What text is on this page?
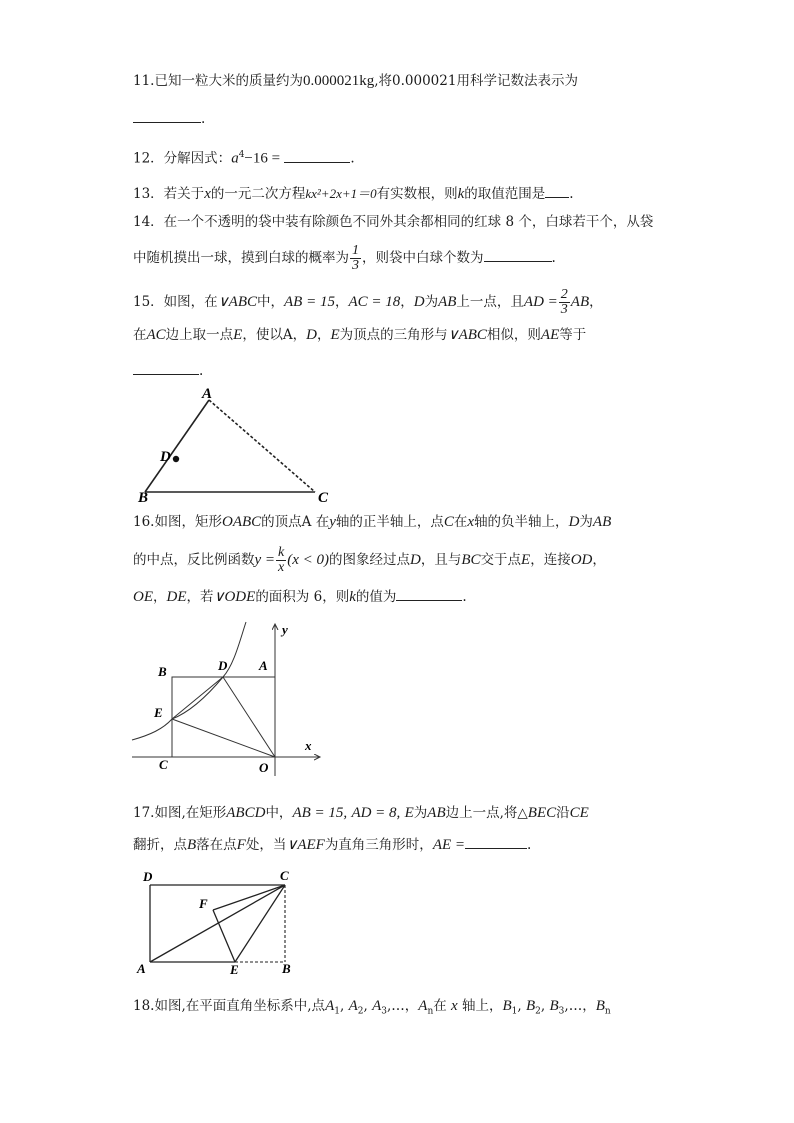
11.已知一粒大米的质量约为0.000021kg,将0.000021用科学记数法表示为
.
12．分解因式：$a^4-16$ =	.
13．若关于x的一元二次方程kx²+2x+1＝0有实数根，则k的取值范围是 .
14．在一个不透明的袋中装有除颜色不同外其余都相同的红球 8 个，白球若干个，从袋
中随机摸出一球，摸到白球的概率为 $\frac{1}{3}$ ，则袋中白球个数为	.
15．如图，在∨ABC中，AB = 15，AC = 18，D为AB上一点，且AD = $\frac{2}{3}$ AB，
在AC边上取一点E，使以A，D，E为顶点的三角形与∨ABC相似，则AE等于
.
A
B	C
D
16.如图，矩形OABC的顶点A 在y轴的正半轴上，点C在x轴的负半轴上，D为AB
的中点，反比例函数$y = \frac{k}{x} (x < 0)$的图象经过点D，且与BC交于点E，连接OD，
OE，DE，若∨ODE的面积为 6，则k的值为	.
B	D A
E
C	O
x
y
17.如图,在矩形ABCD中，AB = 15, AD = 8, E为AB边上一点,将△BEC沿CE
翻折，点B落在点F处，当∨AEF为直角三角形时，AE =	.
D	C
F
A	E	B
18.如图,在平面直角坐标系中,点$A_1$, $A_2$, $A_3,\dots$，$A_n$在 x 轴上，$B_1$, $B_2$, $B_3,\dots$，$B_n$
